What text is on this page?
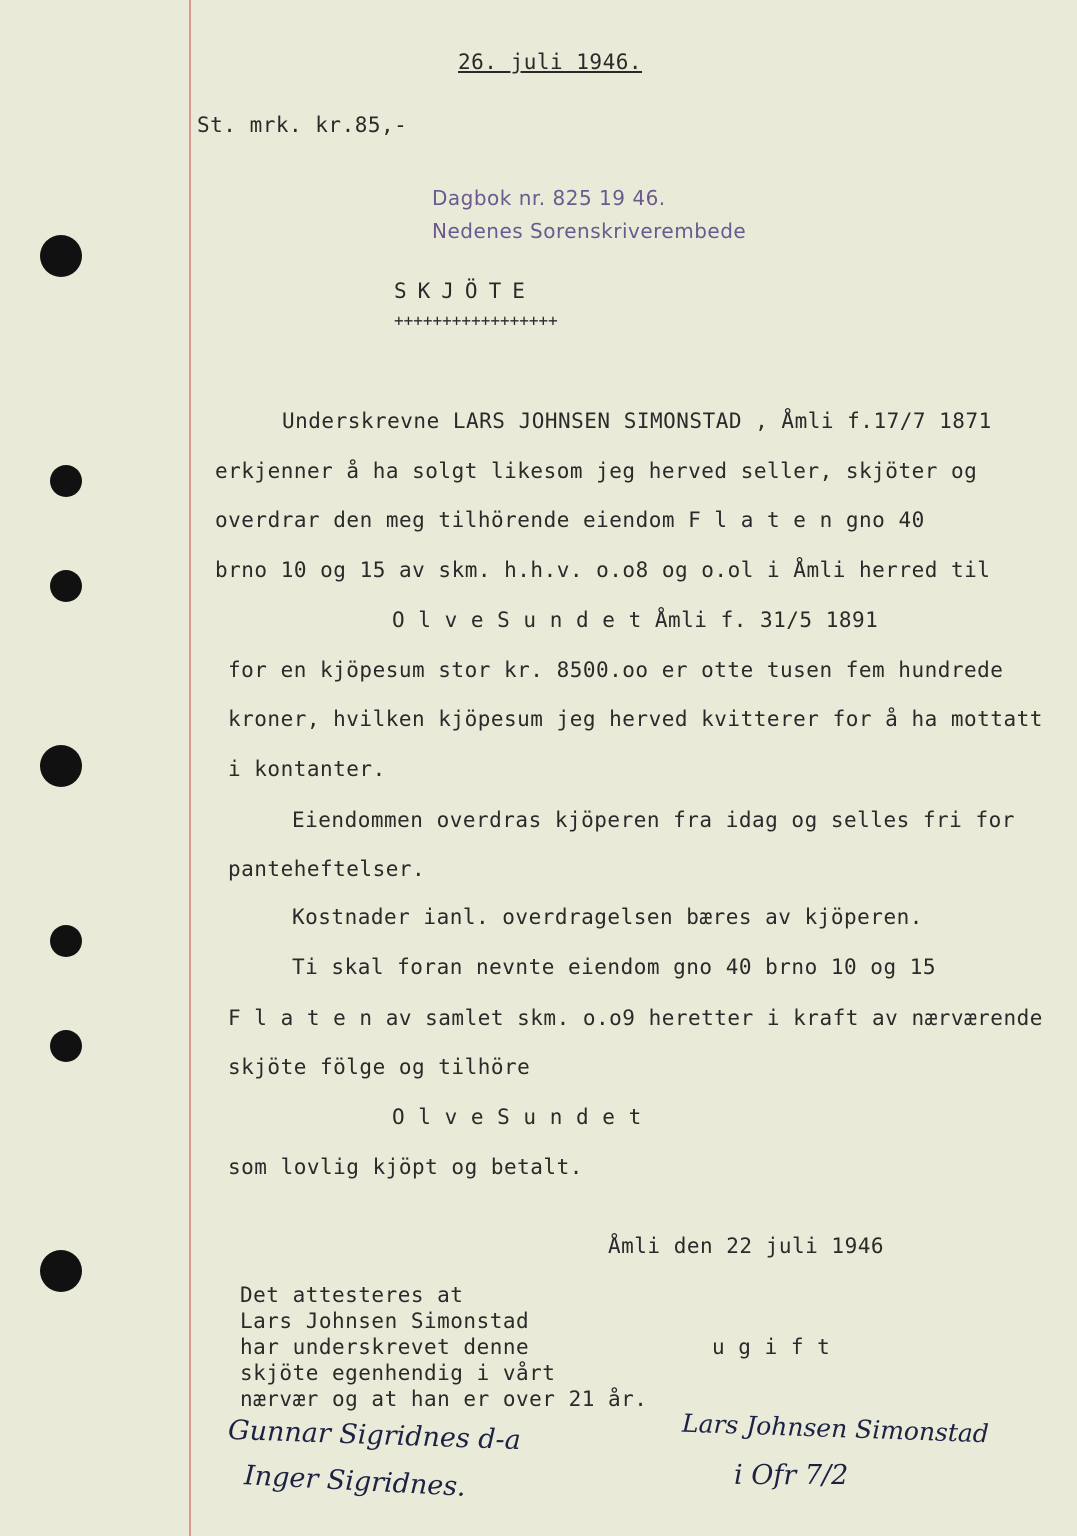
26. juli 1946.
St. mrk. kr.85,-
Dagbok nr. 825 19 46.
Nedenes Sorenskriverembede
SKJÖTE
+++++++++++++++++
Underskrevne LARS JOHNSEN SIMONSTAD , Åmli f.17/7 1871
erkjenner å ha solgt likesom jeg herved seller, skjöter og
overdrar den meg tilhörende eiendom F l a t e n gno 40
brno 10 og 15 av skm. h.h.v. o.o8 og o.ol i Åmli herred til
O l v e S u n d e t Åmli f. 31/5 1891
for en kjöpesum stor kr. 8500.oo er otte tusen fem hundrede
kroner, hvilken kjöpesum jeg herved kvitterer for å ha mottatt
i kontanter.
Eiendommen overdras kjöperen fra idag og selles fri for
panteheftelser.
Kostnader ianl. overdragelsen bæres av kjöperen.
Ti skal foran nevnte eiendom gno 40 brno 10 og 15
F l a t e n av samlet skm. o.o9 heretter i kraft av nærværende
skjöte fölge og tilhöre
O l v e S u n d e t
som lovlig kjöpt og betalt.
Åmli den 22 juli 1946
Det attesteres at
Lars Johnsen Simonstad
har underskrevet denne
skjöte egenhendig i vårt
nærvær og at han er over 21 år.
u g i f t
Gunnar Sigridnes d-a
Inger Sigridnes.
Lars Johnsen Simonstad
i Ofr 7/2
